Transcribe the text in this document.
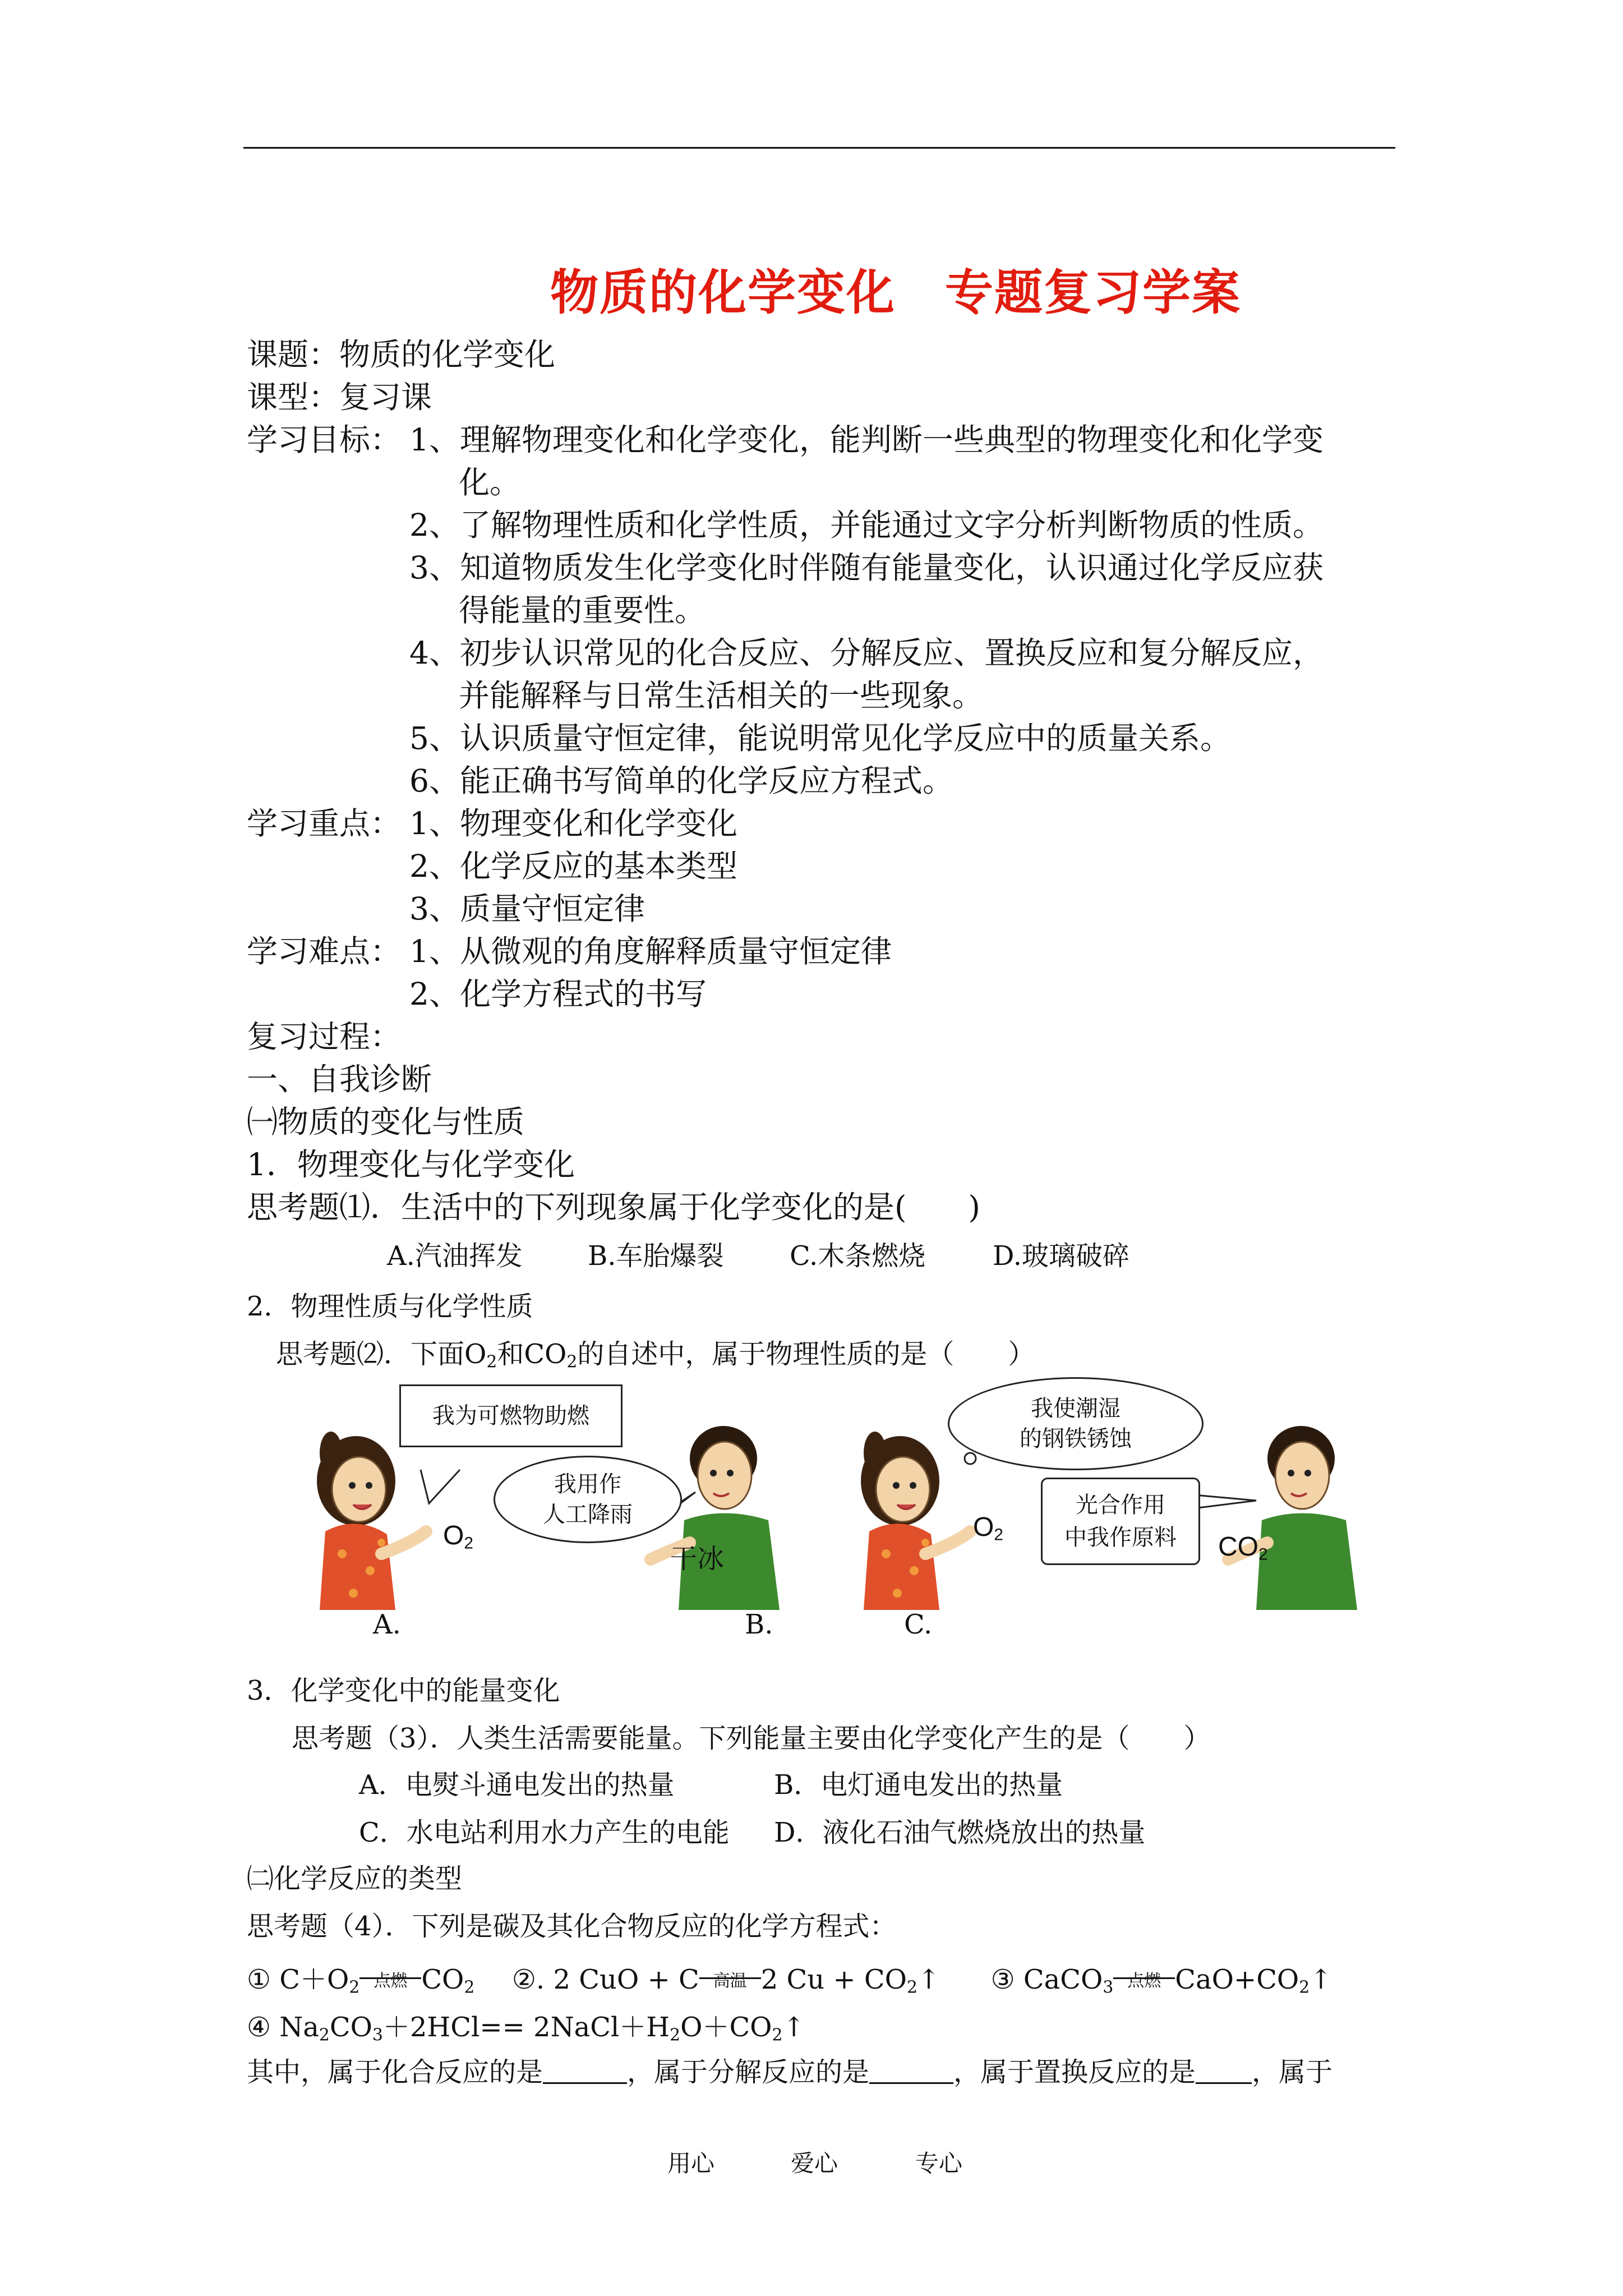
物质的化学变化　专题复习学案
课题：物质的化学变化
课型：复习课
学习目标： 1、理解物理变化和化学变化，能判断一些典型的物理变化和化学变
化。
2、了解物理性质和化学性质，并能通过文字分析判断物质的性质。
3、知道物质发生化学变化时伴随有能量变化，认识通过化学反应获
得能量的重要性。
4、初步认识常见的化合反应、分解反应、置换反应和复分解反应，
并能解释与日常生活相关的一些现象。
5、认识质量守恒定律，能说明常见化学反应中的质量关系。
6、能正确书写简单的化学反应方程式。
学习重点： 1、物理变化和化学变化
2、化学反应的基本类型
3、质量守恒定律
学习难点： 1、从微观的角度解释质量守恒定律
2、化学方程式的书写
复习过程：
一、自我诊断
㈠物质的变化与性质
1．物理变化与化学变化
思考题⑴．生活中的下列现象属于化学变化的是(　　)
A.汽油挥发 B.车胎爆裂 C.木条燃烧 D.玻璃破碎
2．物理性质与化学性质
思考题⑵．下面$O_2$和$CO_2$的自述中，属于物理性质的是（　　）
我为可燃物助燃
我用作
人工降雨
我使潮湿
的钢铁锈蚀
光合作用
中我作原料
$O_2$
干冰
$O_2$	$CO_2$
A.	B.	C.
3．化学变化中的能量变化
思考题（3）．人类生活需要能量。下列能量主要由化学变化产生的是（　　）
A．电熨斗通电发出的热量	B．电灯通电发出的热量
C．水电站利用水力产生的电能 D．液化石油气燃烧放出的热量
㈡化学反应的类型
思考题（4）．下列是碳及其化合物反应的化学方程式：
① $C+O_2$ 点燃 $CO_2$ ②. 2 CuO + C 高温 2 $Cu + CO_2↑$ ③ CaCO$_3$ 点燃 $CaO+CO_2↑$
④ $Na_2CO_3+2HCl==$ $2NaCl+H_2O+CO_2↑$
其中，属于化合反应的是	，属于分解反应的是	，属于置换反应的是 ，属于
用心	爱心	专心
